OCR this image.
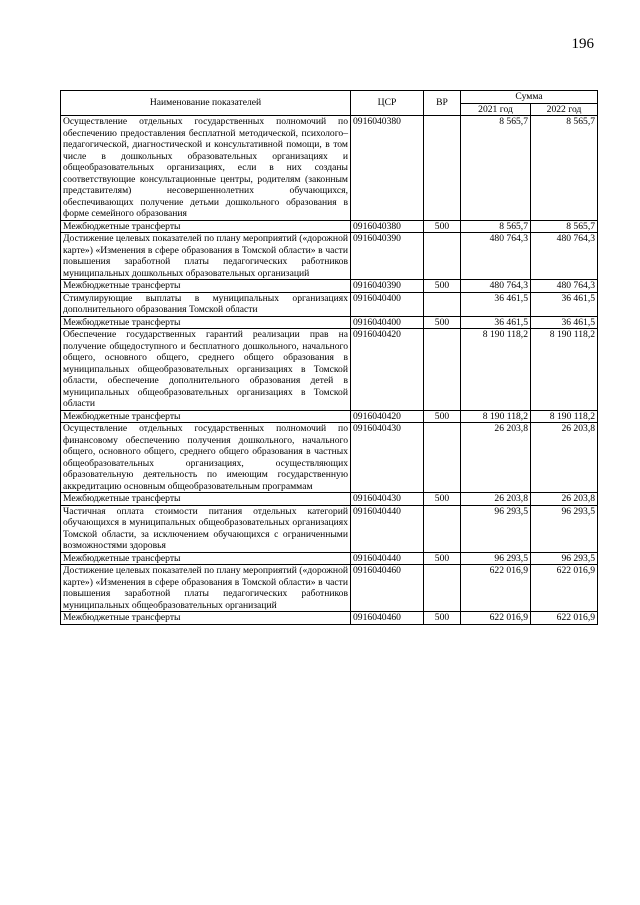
196
Наименование показателей	ЦСР	ВР	Сумма	
			2021 год	2022 год
Осуществление отдельных государственных полномочий по обеспечению предоставления бесплатной методической, психолого–педагогической, диагностической и консультативной помощи, в том числе в дошкольных образовательных организациях и общеобразовательных организациях, если в них созданы соответствующие консультационные центры, родителям (законным представителям) несовершеннолетних обучающихся, обеспечивающих получение детьми дошкольного образования в форме семейного образования	0916040380		8 565,7	8 565,7
Межбюджетные трансферты	0916040380	500	8 565,7	8 565,7
Достижение целевых показателей по плану мероприятий («дорожной карте») «Изменения в сфере образования в Томской области» в части повышения заработной платы педагогических работников муниципальных дошкольных образовательных организаций	0916040390		480 764,3	480 764,3
Межбюджетные трансферты	0916040390	500	480 764,3	480 764,3
Стимулирующие выплаты в муниципальных организациях дополнительного образования Томской области	0916040400		36 461,5	36 461,5
Межбюджетные трансферты	0916040400	500	36 461,5	36 461,5
Обеспечение государственных гарантий реализации прав на получение общедоступного и бесплатного дошкольного, начального общего, основного общего, среднего общего образования в муниципальных общеобразовательных организациях в Томской области, обеспечение дополнительного образования детей в муниципальных общеобразовательных организациях в Томской области	0916040420		8 190 118,2	8 190 118,2
Межбюджетные трансферты	0916040420	500	8 190 118,2	8 190 118,2
Осуществление отдельных государственных полномочий по финансовому обеспечению получения дошкольного, начального общего, основного общего, среднего общего образования в частных общеобразовательных организациях, осуществляющих образовательную деятельность по имеющим государственную аккредитацию основным общеобразовательным программам	0916040430		26 203,8	26 203,8
Межбюджетные трансферты	0916040430	500	26 203,8	26 203,8
Частичная оплата стоимости питания отдельных категорий обучающихся в муниципальных общеобразовательных организациях Томской области, за исключением обучающихся с ограниченными возможностями здоровья	0916040440		96 293,5	96 293,5
Межбюджетные трансферты	0916040440	500	96 293,5	96 293,5
Достижение целевых показателей по плану мероприятий («дорожной карте») «Изменения в сфере образования в Томской области» в части повышения заработной платы педагогических работников муниципальных общеобразовательных организаций	0916040460		622 016,9	622 016,9
Межбюджетные трансферты	0916040460	500	622 016,9	622 016,9
